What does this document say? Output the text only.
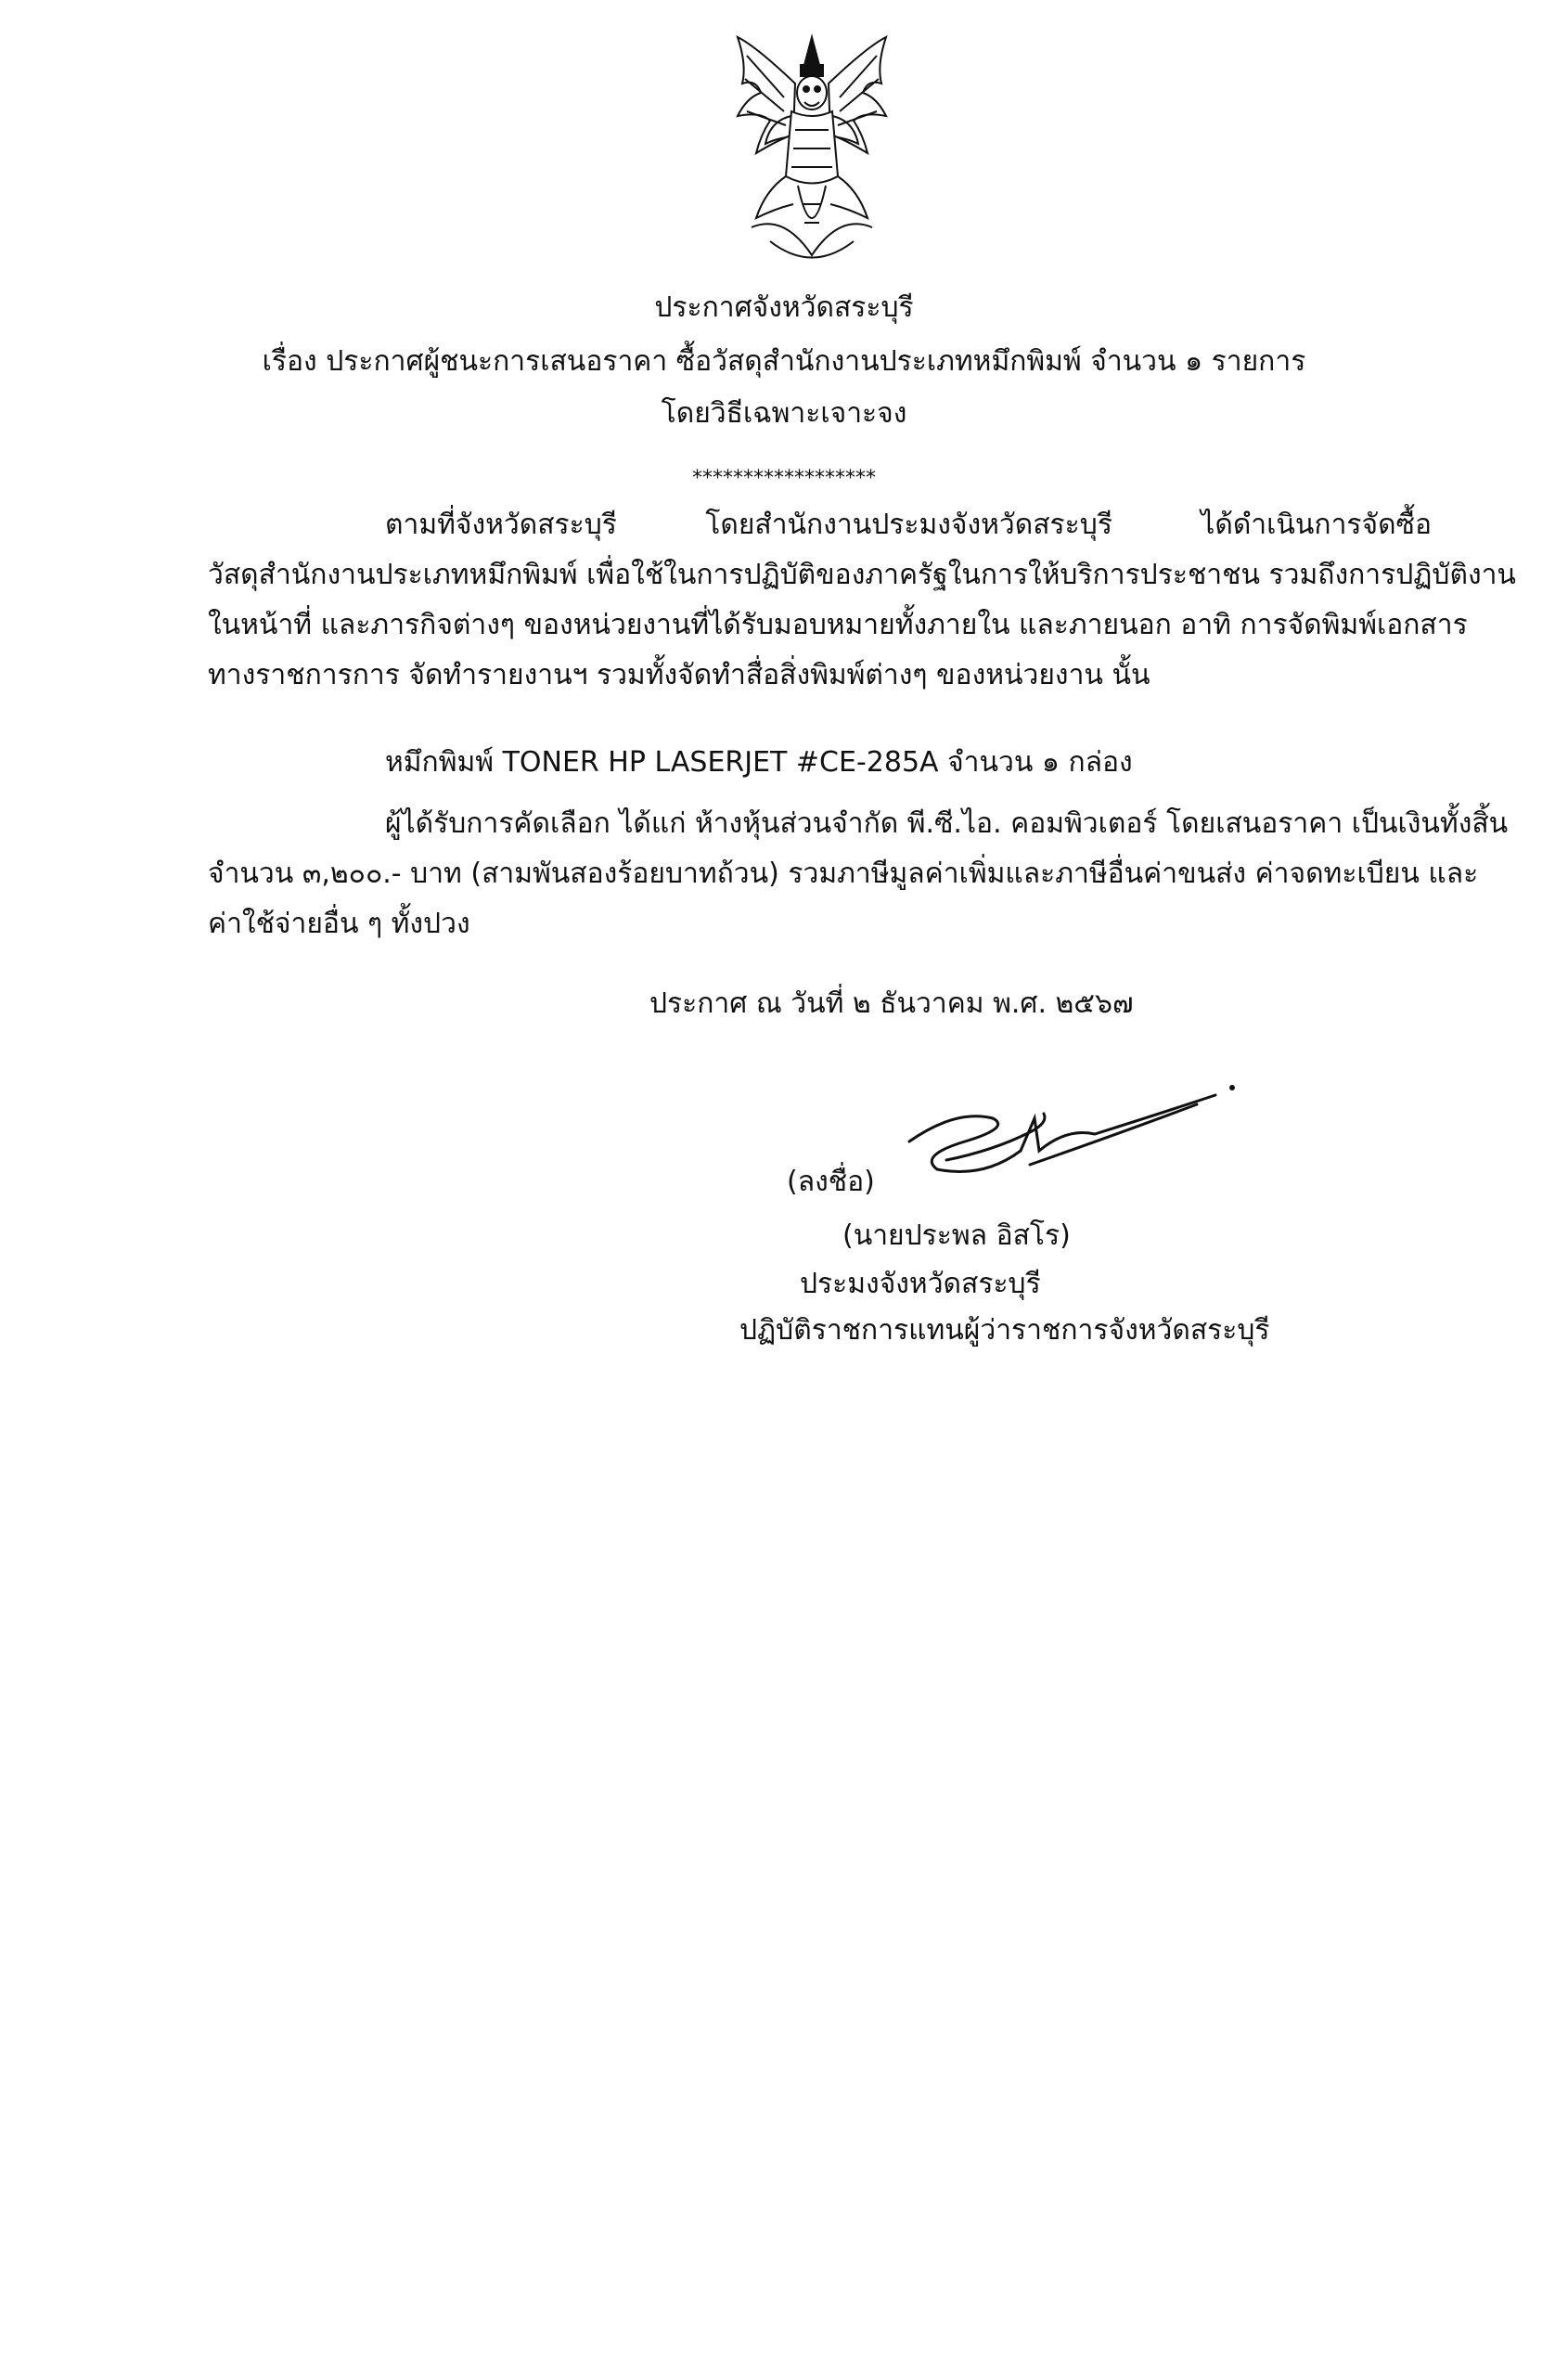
ประกาศจังหวัดสระบุรี
เรื่อง ประกาศผู้ชนะการเสนอราคา ซื้อวัสดุสำนักงานประเภทหมึกพิมพ์ จำนวน ๑ รายการ
โดยวิธีเฉพาะเจาะจง
******************
ตามที่จังหวัดสระบุรี โดยสำนักงานประมงจังหวัดสระบุรี ได้ดำเนินการจัดซื้อ
วัสดุสำนักงานประเภทหมึกพิมพ์ เพื่อใช้ในการปฏิบัติของภาครัฐในการให้บริการประชาชน รวมถึงการปฏิบัติงาน
ในหน้าที่ และภารกิจต่างๆ ของหน่วยงานที่ได้รับมอบหมายทั้งภายใน และภายนอก อาทิ การจัดพิมพ์เอกสาร
ทางราชการการ จัดทำรายงานฯ รวมทั้งจัดทำสื่อสิ่งพิมพ์ต่างๆ ของหน่วยงาน นั้น
หมึกพิมพ์ TONER HP LASERJET #CE-285A จำนวน ๑ กล่อง
ผู้ได้รับการคัดเลือก ได้แก่ ห้างหุ้นส่วนจำกัด พี.ซี.ไอ. คอมพิวเตอร์ โดยเสนอราคา เป็นเงินทั้งสิ้น
จำนวน ๓,๒๐๐.- บาท (สามพันสองร้อยบาทถ้วน) รวมภาษีมูลค่าเพิ่มและภาษีอื่นค่าขนส่ง ค่าจดทะเบียน และ
ค่าใช้จ่ายอื่น ๆ ทั้งปวง
ประกาศ ณ วันที่ ๒ ธันวาคม พ.ศ. ๒๕๖๗
(ลงชื่อ)
(นายประพล อิสโร)
ประมงจังหวัดสระบุรี
ปฏิบัติราชการแทนผู้ว่าราชการจังหวัดสระบุรี
